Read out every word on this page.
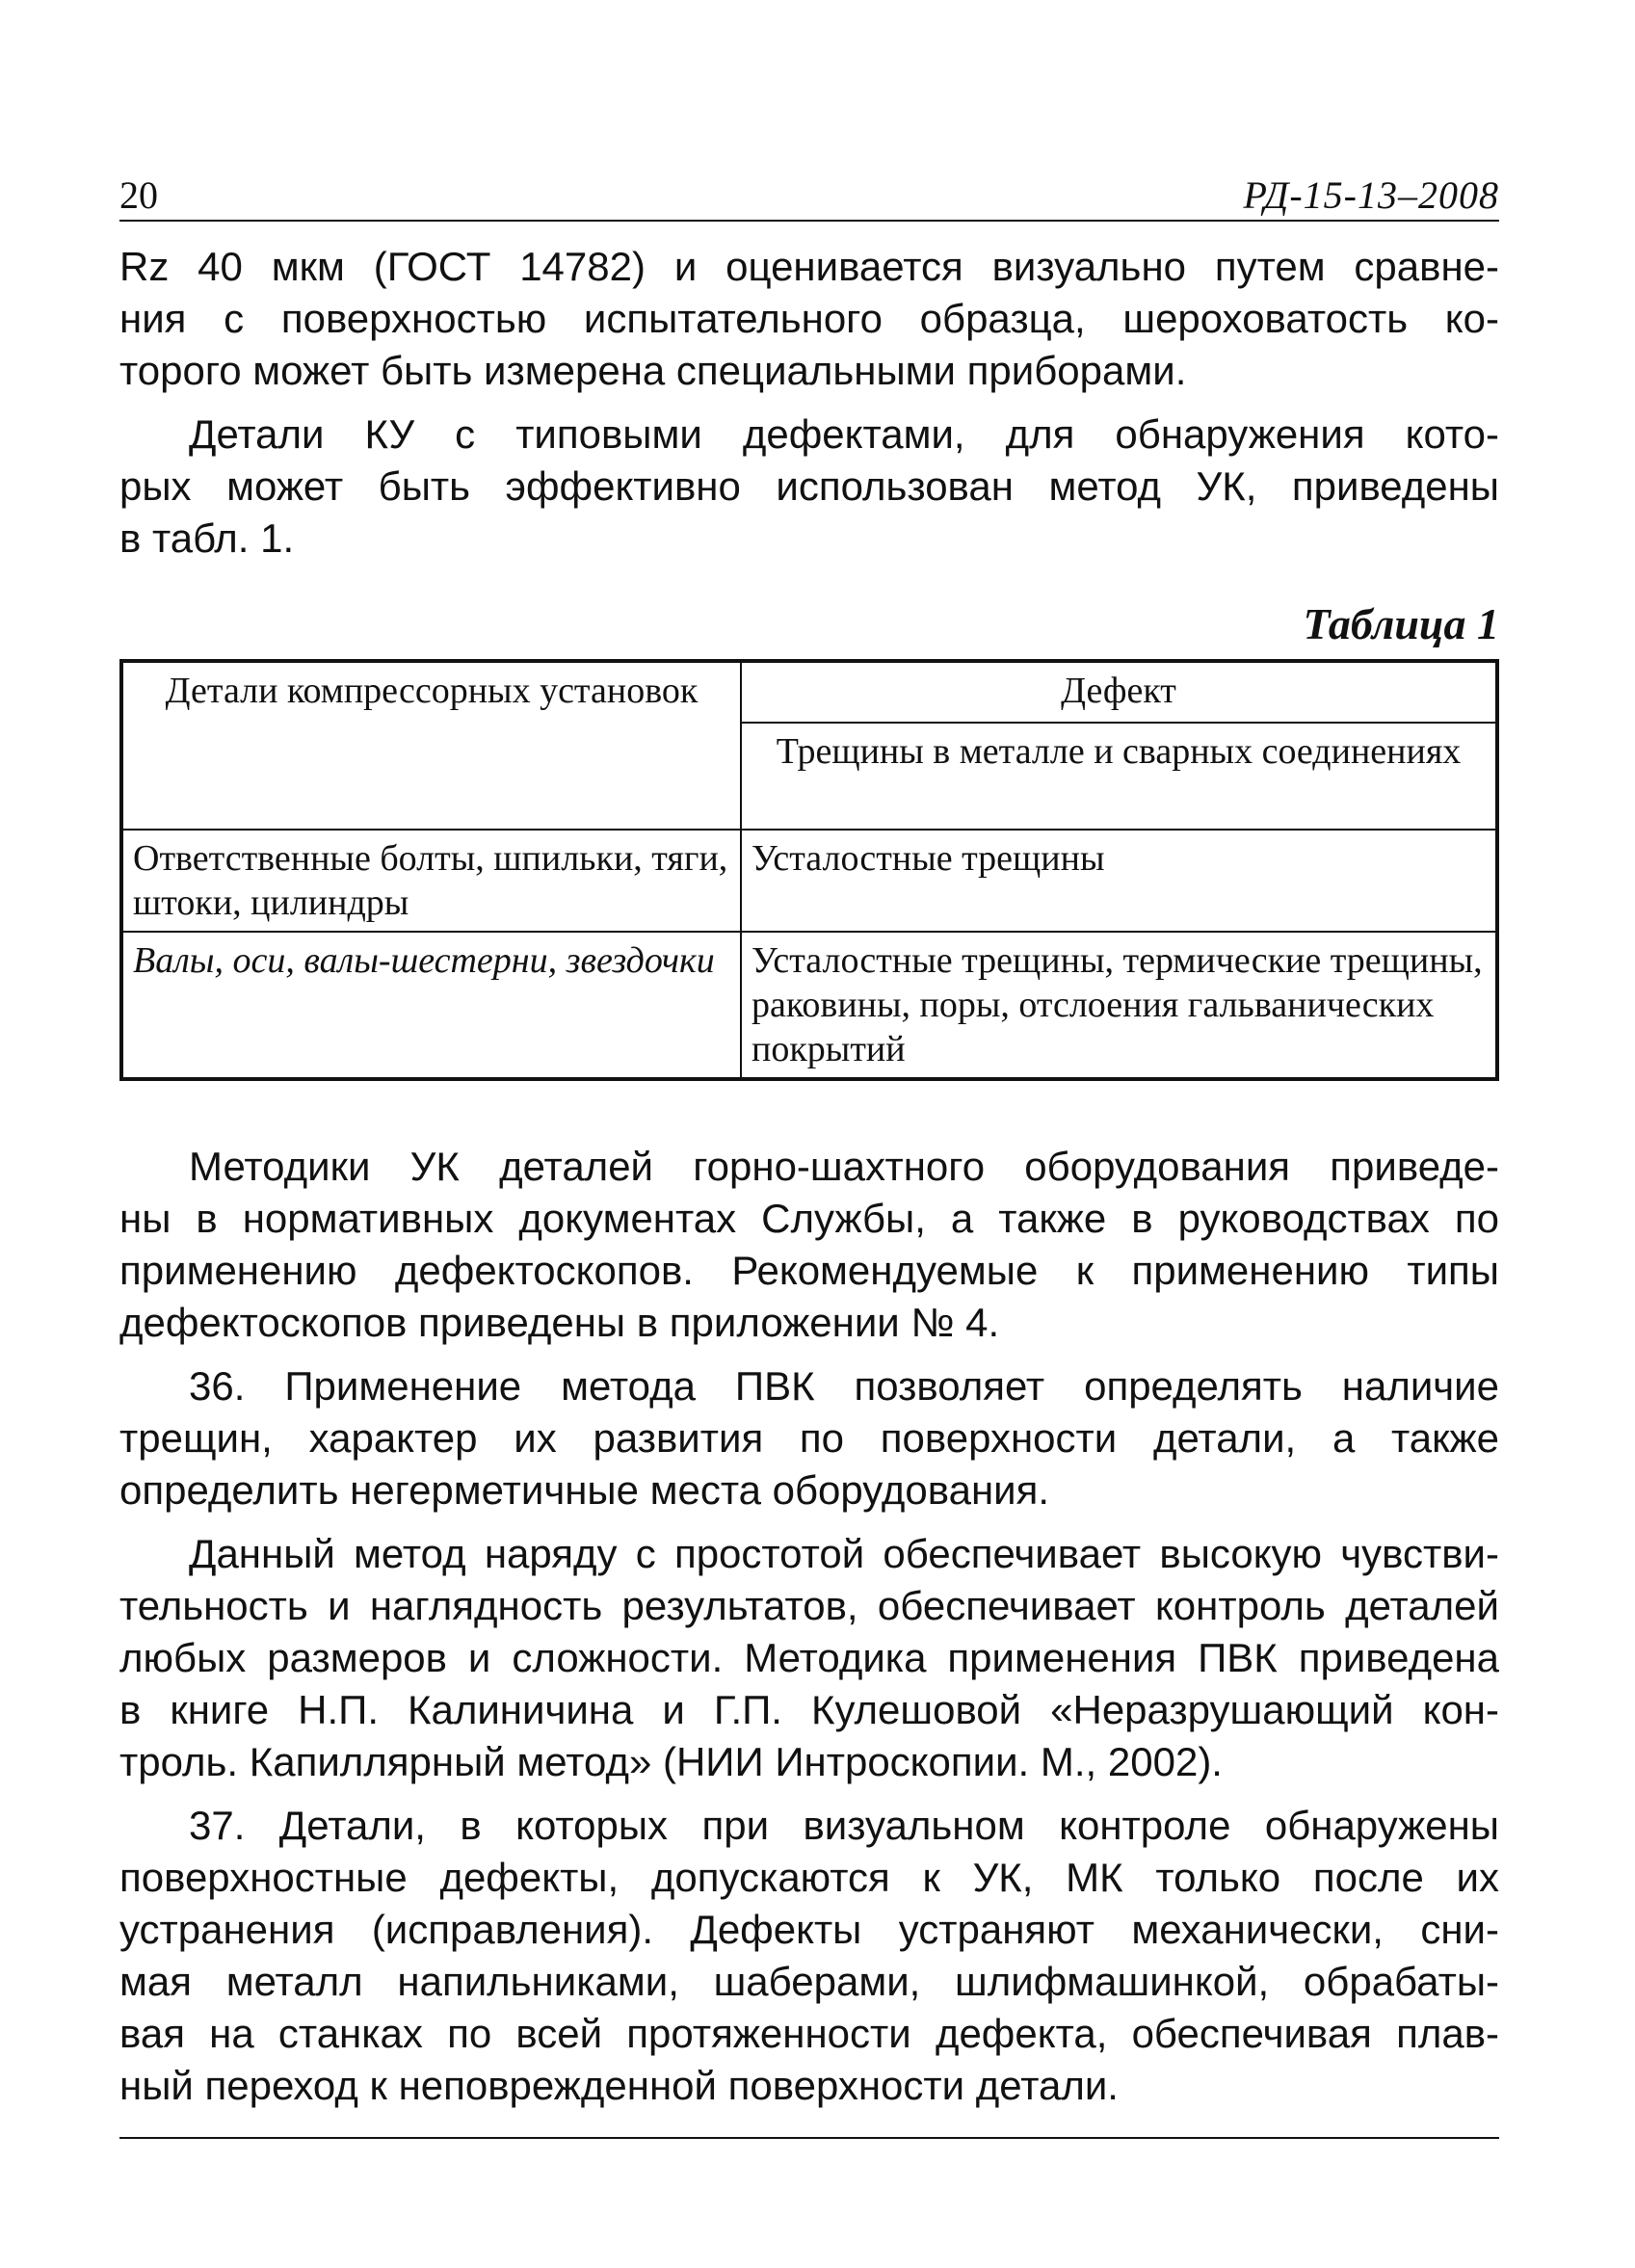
20	РД-15-13–2008
Rz 40 мкм (ГОСТ 14782) и оценивается визуально путем сравне-
ния с поверхностью испытательного образца, шероховатость ко-
торого может быть измерена специальными приборами.
Детали КУ с типовыми дефектами, для обнаружения кото-
рых может быть эффективно использован метод УК, приведены
в табл. 1.
Таблица 1
Детали компрессорных установок	Дефект
	Трещины в металле и сварных соединениях
Ответственные болты, шпильки, тяги, штоки, цилиндры	Усталостные трещины
Валы, оси, валы-шестерни, звездочки	Усталостные трещины, термические трещины, раковины, поры, отслоения гальванических покрытий
Методики УК деталей горно-шахтного оборудования приведе-
ны в нормативных документах Службы, а также в руководствах по
применению дефектоскопов. Рекомендуемые к применению типы
дефектоскопов приведены в приложении № 4.
36. Применение метода ПВК позволяет определять наличие
трещин, характер их развития по поверхности детали, а также
определить негерметичные места оборудования.
Данный метод наряду с простотой обеспечивает высокую чувстви-
тельность и наглядность результатов, обеспечивает контроль деталей
любых размеров и сложности. Методика применения ПВК приведена
в книге Н.П. Калиничина и Г.П. Кулешовой «Неразрушающий кон-
троль. Капиллярный метод» (НИИ Интроскопии. М., 2002).
37. Детали, в которых при визуальном контроле обнаружены
поверхностные дефекты, допускаются к УК, МК только после их
устранения (исправления). Дефекты устраняют механически, сни-
мая металл напильниками, шаберами, шлифмашинкой, обрабаты-
вая на станках по всей протяженности дефекта, обеспечивая плав-
ный переход к неповрежденной поверхности детали.
